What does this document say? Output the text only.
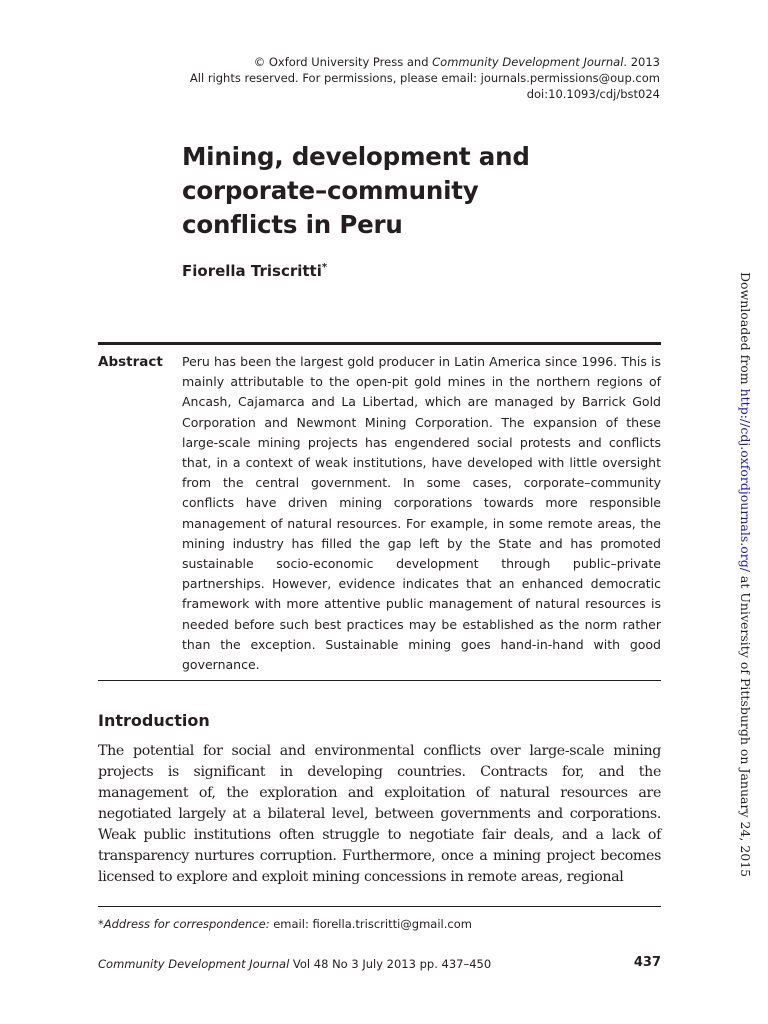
© Oxford University Press and Community Development Journal. 2013
All rights reserved. For permissions, please email: journals.permissions@oup.com
doi:10.1093/cdj/bst024
Mining, development and
corporate–community
conflicts in Peru
Fiorella Triscritti*
Abstract Peru has been the largest gold producer in Latin America since 1996. This is mainly attributable to the open-pit gold mines in the northern regions of Ancash, Cajamarca and La Libertad, which are managed by Barrick Gold Corporation and Newmont Mining Corporation. The expansion of these large-scale mining projects has engendered social protests and conflicts that, in a context of weak institutions, have developed with little oversight from the central government. In some cases, corporate–community conflicts have driven mining corporations towards more responsible management of natural resources. For example, in some remote areas, the mining industry has filled the gap left by the State and has promoted sustainable socio-economic development through public–private partnerships. However, evidence indicates that an enhanced democratic framework with more attentive public management of natural resources is needed before such best practices may be established as the norm rather than the exception. Sustainable mining goes hand-in-hand with good governance.

Introduction

The potential for social and environmental conflicts over large-scale mining projects is significant in developing countries. Contracts for, and the management of, the exploration and exploitation of natural resources are negotiated largely at a bilateral level, between governments and corporations. Weak public institutions often struggle to negotiate fair deals, and a lack of transparency nurtures corruption. Furthermore, once a mining project becomes licensed to explore and exploit mining concessions in remote areas, regional

*Address for correspondence: email: fiorella.triscritti@gmail.com
Community Development Journal Vol 48 No 3 July 2013 pp. 437–450	437
Downloaded from http://cdj.oxfordjournals.org/ at University of Pittsburgh on January 24, 2015
